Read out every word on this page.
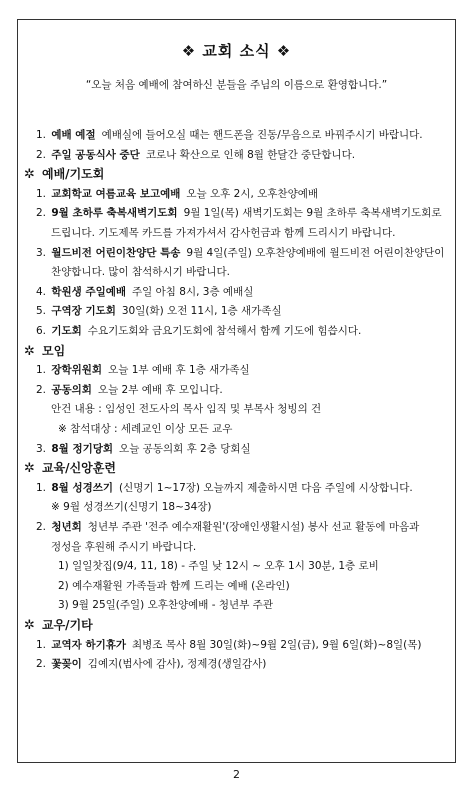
❖ 교회 소식 ❖
“오늘 처음 예배에 참여하신 분들을 주님의 이름으로 환영합니다.”
1. 예배 예절 예배실에 들어오실 때는 핸드폰을 진동/무음으로 바꿔주시기 바랍니다.
2. 주일 공동식사 중단 코로나 확산으로 인해 8월 한달간 중단합니다.
✲ 예배/기도회
1. 교회학교 여름교육 보고예배 오늘 오후 2시, 오후찬양예배
2. 9월 초하루 축복새벽기도회 9월 1일(목) 새벽기도회는 9월 초하루 축복새벽기도회로
드립니다. 기도제목 카드를 가져가셔서 감사헌금과 함께 드리시기 바랍니다.
3. 월드비전 어린이찬양단 특송 9월 4일(주일) 오후찬양예배에 월드비전 어린이찬양단이
찬양합니다. 많이 참석하시기 바랍니다.
4. 학원생 주일예배 주일 아침 8시, 3층 예배실
5. 구역장 기도회 30일(화) 오전 11시, 1층 새가족실
6. 기도회 수요기도회와 금요기도회에 참석해서 함께 기도에 힘씁시다.
✲ 모임
1. 장학위원회 오늘 1부 예배 후 1층 새가족실
2. 공동의회 오늘 2부 예배 후 모입니다.
안건 내용 : 임성인 전도사의 목사 임직 및 부목사 청빙의 건
※ 참석대상 : 세례교인 이상 모든 교우
3. 8월 정기당회 오늘 공동의회 후 2층 당회실
✲ 교육/신앙훈련
1. 8월 성경쓰기 (신명기 1~17장) 오늘까지 제출하시면 다음 주일에 시상합니다.
※ 9월 성경쓰기(신명기 18~34장)
2. 청년회 청년부 주관 '전주 예수재활원'(장애인생활시설) 봉사 선교 활동에 마음과
정성을 후원해 주시기 바랍니다.
1) 일일찻집(9/4, 11, 18) - 주일 낮 12시 ~ 오후 1시 30분, 1층 로비
2) 예수재활원 가족들과 함께 드리는 예배 (온라인)
3) 9월 25일(주일) 오후찬양예배 - 청년부 주관
✲ 교우/기타
1. 교역자 하기휴가 최병조 목사 8월 30일(화)~9월 2일(금), 9월 6일(화)~8일(목)
2. 꽃꽂이 김예지(범사에 감사), 정제경(생일감사)
2
